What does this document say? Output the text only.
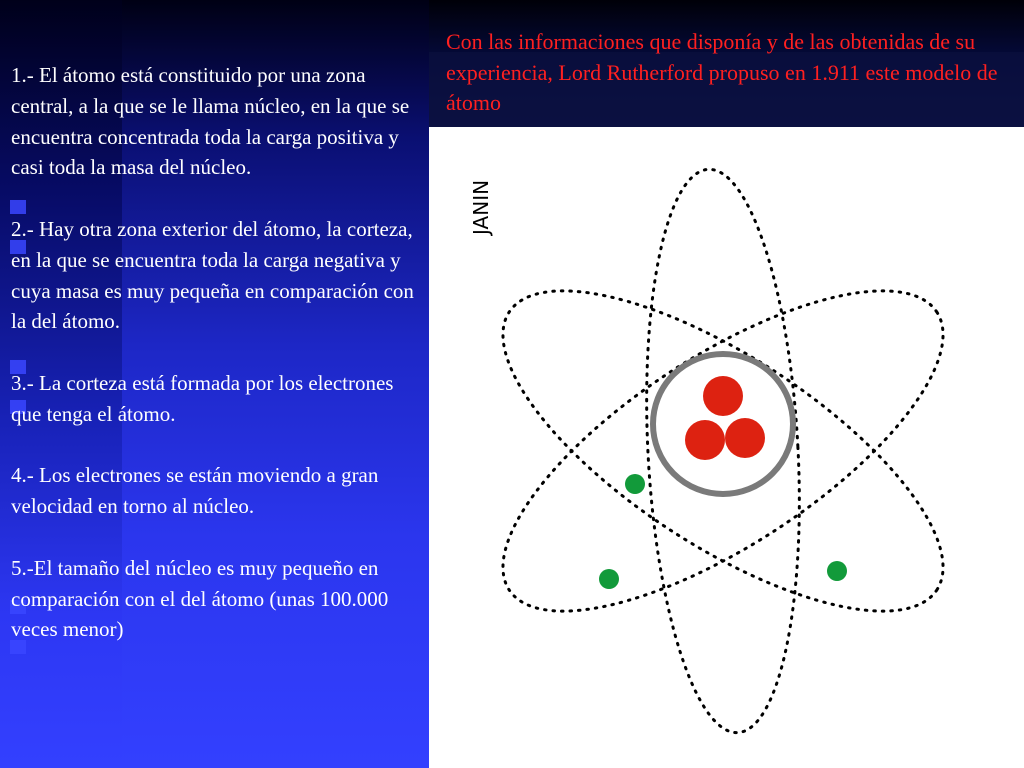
1.- El átomo está constituido por una zona central, a la que se le llama núcleo, en la que se encuentra concentrada toda la carga positiva y casi toda la masa del núcleo.

2.- Hay otra zona exterior del átomo, la corteza, en la que se encuentra toda la carga negativa y cuya masa es muy pequeña en comparación con la del átomo.

3.- La corteza está formada por los electrones que tenga el átomo.

4.- Los electrones se están moviendo a gran velocidad en torno al núcleo.

5.-El tamaño del núcleo es muy pequeño en comparación con el del átomo (unas 100.000 veces menor)

Con las informaciones que disponía y de las obtenidas de su experiencia, Lord Rutherford propuso en 1.911 este modelo de átomo
JANIN
